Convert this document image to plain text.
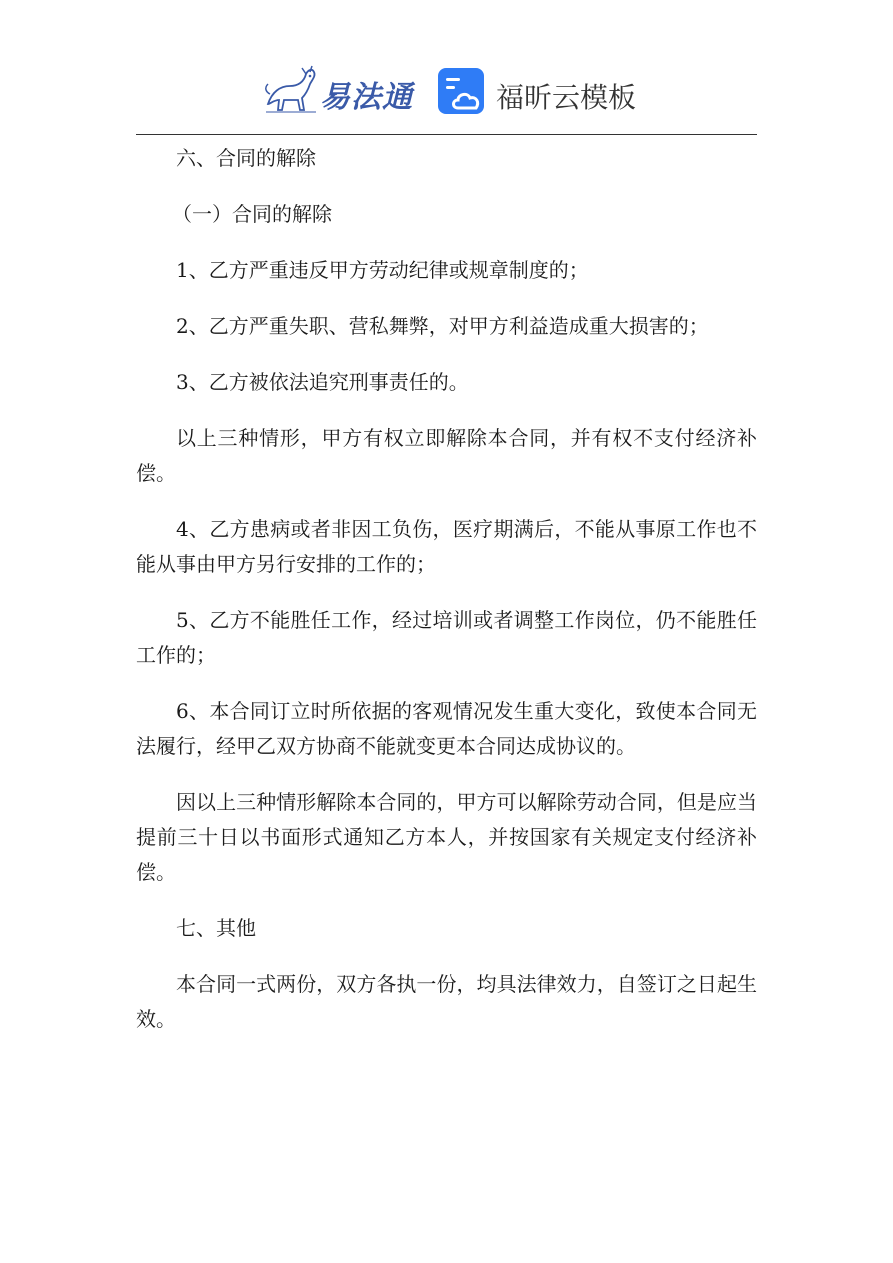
易法通	福昕云模板

六、合同的解除

（一）合同的解除

1、乙方严重违反甲方劳动纪律或规章制度的；

2、乙方严重失职、营私舞弊，对甲方利益造成重大损害的；

3、乙方被依法追究刑事责任的。

以上三种情形，甲方有权立即解除本合同，并有权不支付经济补偿。

4、乙方患病或者非因工负伤，医疗期满后，不能从事原工作也不能从事由甲方另行安排的工作的；

5、乙方不能胜任工作，经过培训或者调整工作岗位，仍不能胜任工作的；

6、本合同订立时所依据的客观情况发生重大变化，致使本合同无法履行，经甲乙双方协商不能就变更本合同达成协议的。

因以上三种情形解除本合同的，甲方可以解除劳动合同，但是应当提前三十日以书面形式通知乙方本人，并按国家有关规定支付经济补偿。

七、其他

本合同一式两份，双方各执一份，均具法律效力，自签订之日起生效。
